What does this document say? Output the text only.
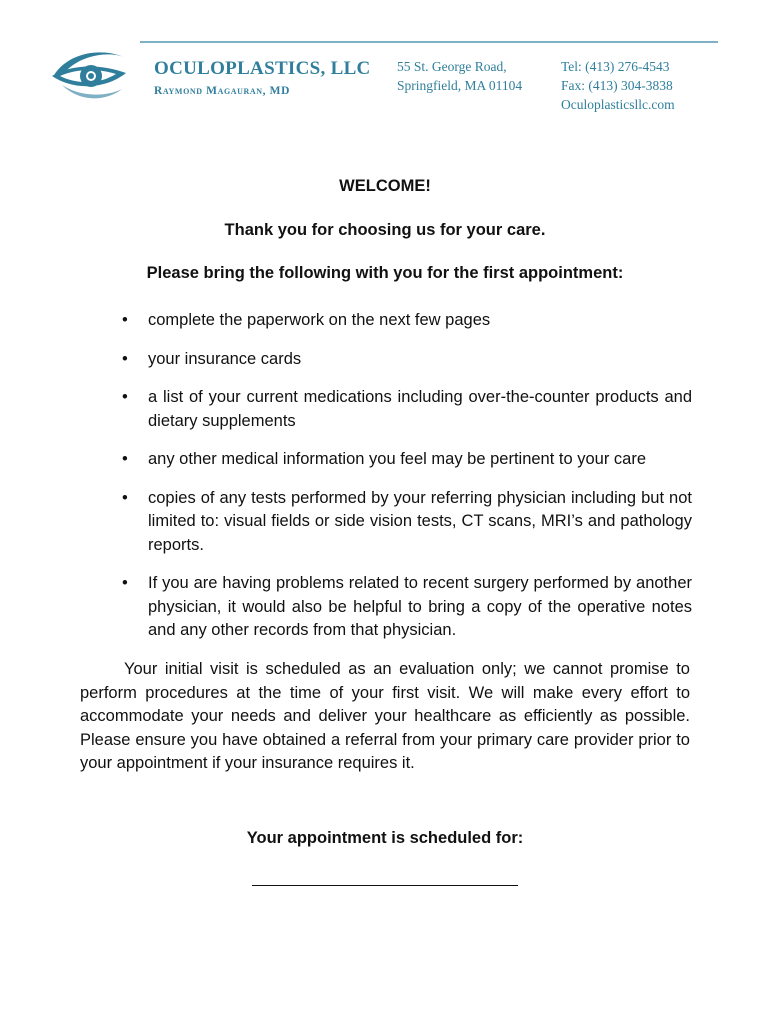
OCULOPLASTICS, LLC
Raymond Magauran, MD
55 St. George Road,
Springfield, MA 01104
Tel: (413) 276-4543
Fax: (413) 304-3838
Oculoplasticsllc.com
WELCOME!
Thank you for choosing us for your care.
Please bring the following with you for the first appointment:
• complete the paperwork on the next few pages
• your insurance cards
• a list of your current medications including over-the-counter products and dietary supplements
• any other medical information you feel may be pertinent to your care
• copies of any tests performed by your referring physician including but not limited to: visual fields or side vision tests, CT scans, MRI’s and pathology reports.
• If you are having problems related to recent surgery performed by another physician, it would also be helpful to bring a copy of the operative notes and any other records from that physician.

Your initial visit is scheduled as an evaluation only; we cannot promise to perform procedures at the time of your first visit. We will make every effort to accommodate your needs and deliver your healthcare as efficiently as possible. Please ensure you have obtained a referral from your primary care provider prior to your appointment if your insurance requires it.

Your appointment is scheduled for:
